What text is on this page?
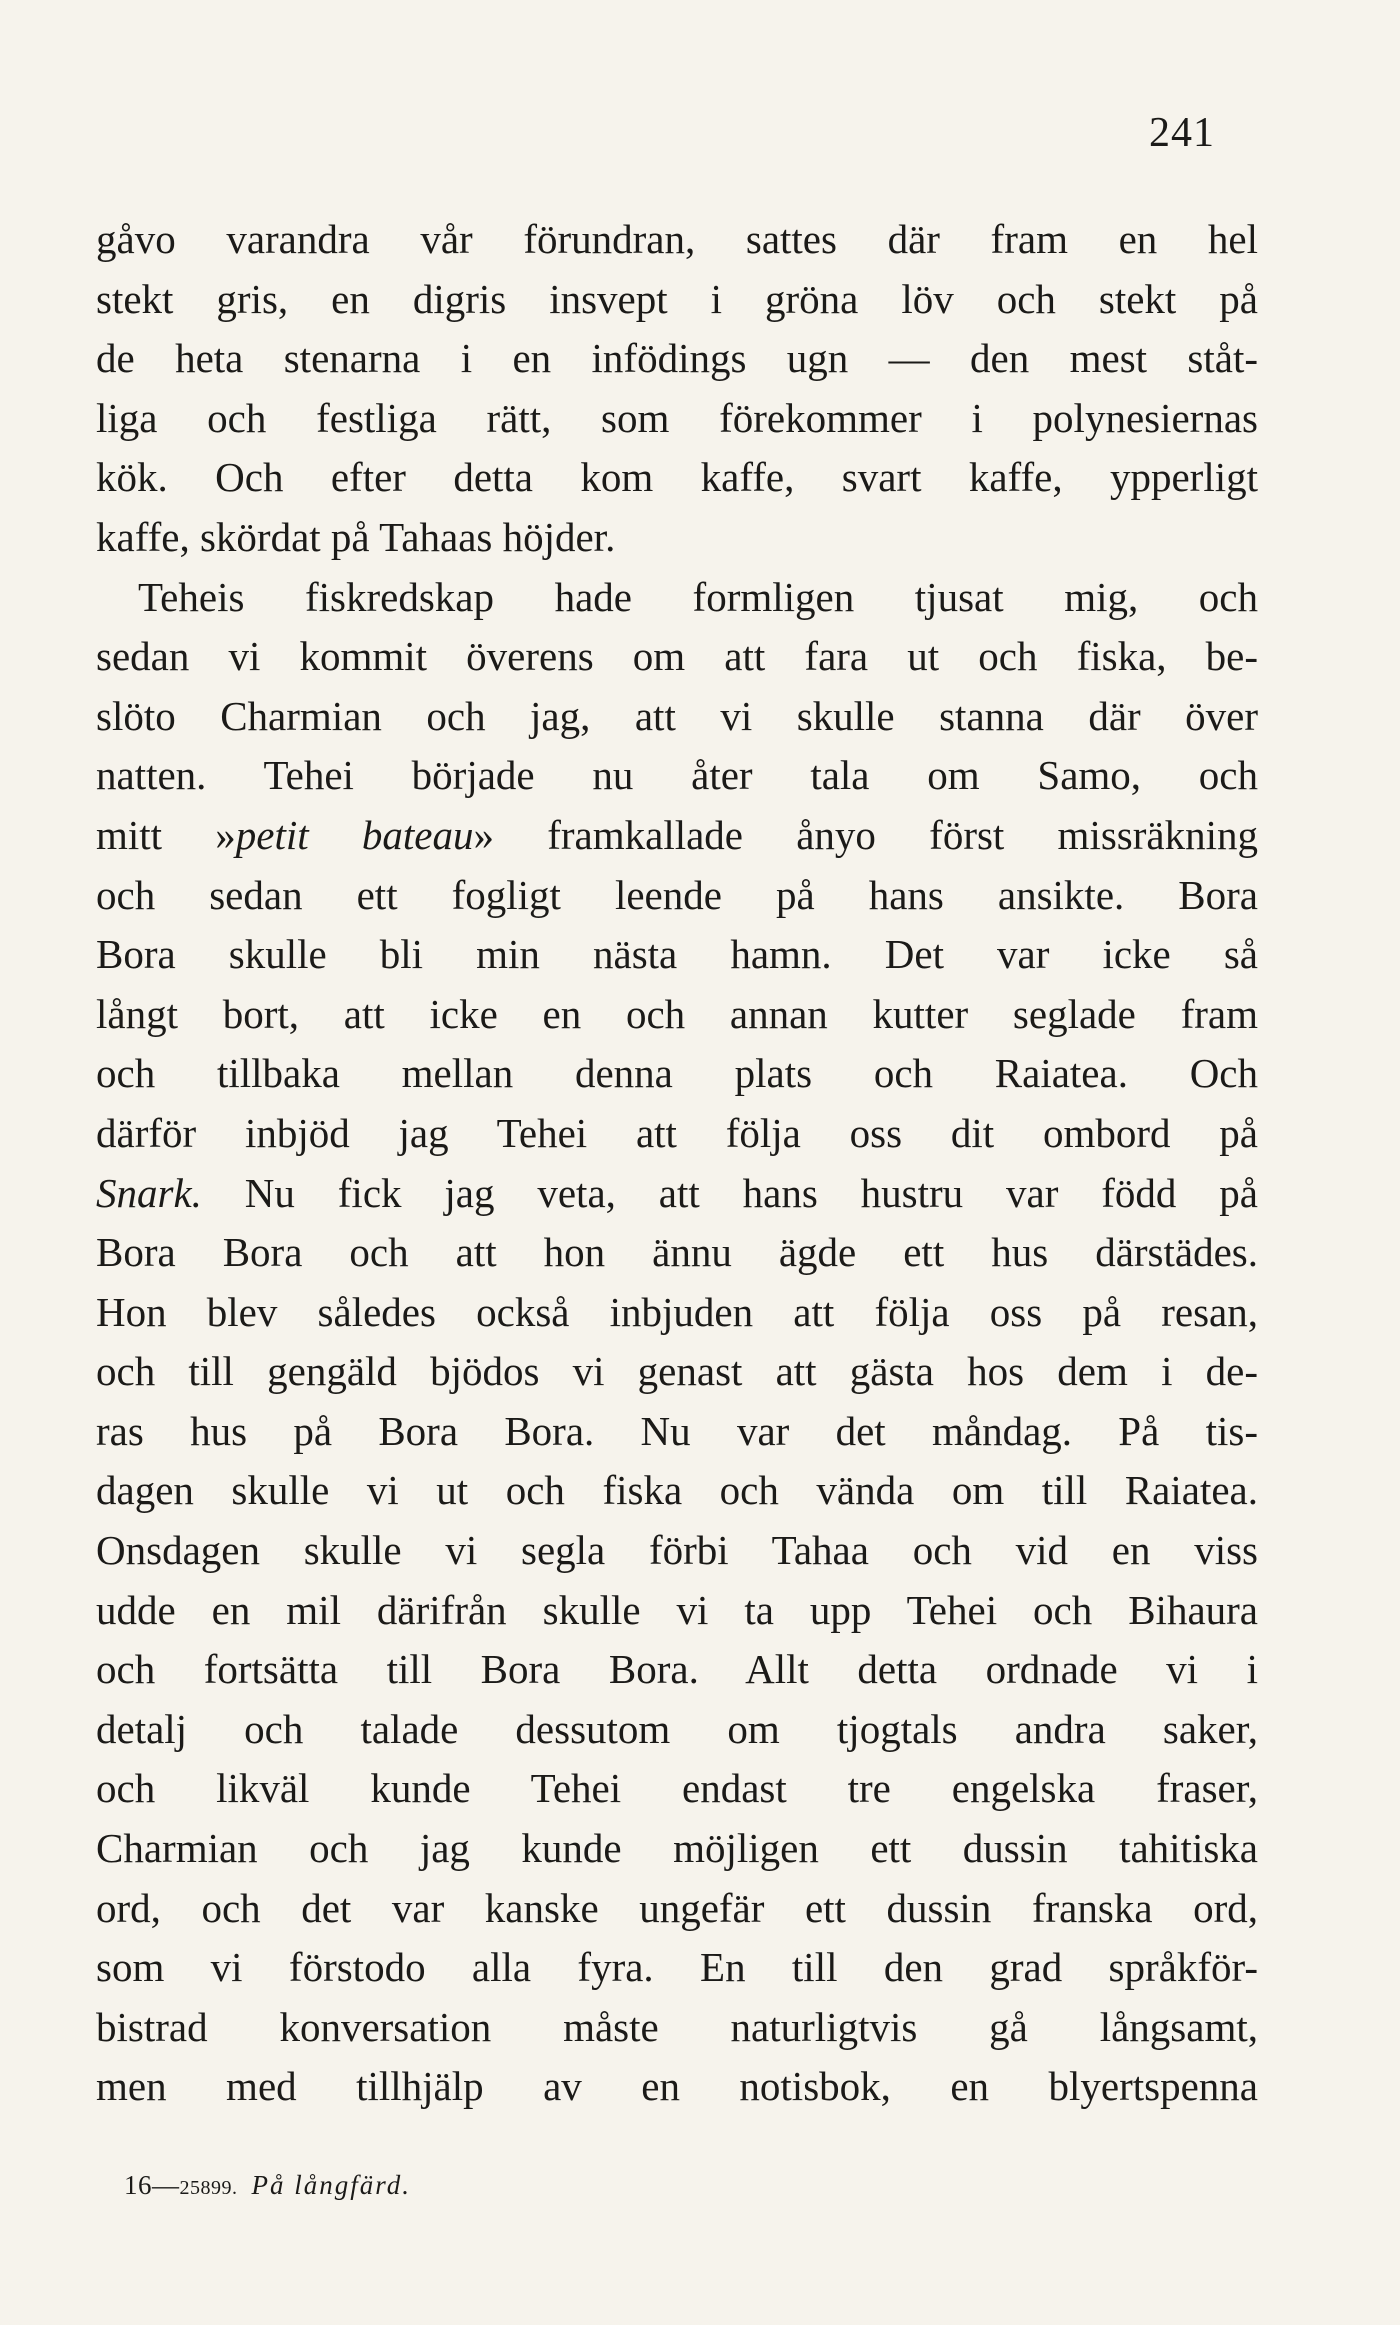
241
gåvo varandra vår förundran, sattes där fram en hel
stekt gris, en digris insvept i gröna löv och stekt på
de heta stenarna i en infödings ugn — den mest ståt-
liga och festliga rätt, som förekommer i polynesiernas
kök. Och efter detta kom kaffe, svart kaffe, ypperligt
kaffe, skördat på Tahaas höjder.
Teheis fiskredskap hade formligen tjusat mig, och
sedan vi kommit överens om att fara ut och fiska, be-
slöto Charmian och jag, att vi skulle stanna där över
natten. Tehei började nu åter tala om Samo, och
mitt »petit bateau» framkallade ånyo först missräkning
och sedan ett fogligt leende på hans ansikte. Bora
Bora skulle bli min nästa hamn. Det var icke så
långt bort, att icke en och annan kutter seglade fram
och tillbaka mellan denna plats och Raiatea. Och
därför inbjöd jag Tehei att följa oss dit ombord på
Snark. Nu fick jag veta, att hans hustru var född på
Bora Bora och att hon ännu ägde ett hus därstädes.
Hon blev således också inbjuden att följa oss på resan,
och till gengäld bjödos vi genast att gästa hos dem i de-
ras hus på Bora Bora. Nu var det måndag. På tis-
dagen skulle vi ut och fiska och vända om till Raiatea.
Onsdagen skulle vi segla förbi Tahaa och vid en viss
udde en mil därifrån skulle vi ta upp Tehei och Bihaura
och fortsätta till Bora Bora. Allt detta ordnade vi i
detalj och talade dessutom om tjogtals andra saker,
och likväl kunde Tehei endast tre engelska fraser,
Charmian och jag kunde möjligen ett dussin tahitiska
ord, och det var kanske ungefär ett dussin franska ord,
som vi förstodo alla fyra. En till den grad språkför-
bistrad konversation måste naturligtvis gå långsamt,
men med tillhjälp av en notisbok, en blyertspenna
16—25899. På långfärd.
